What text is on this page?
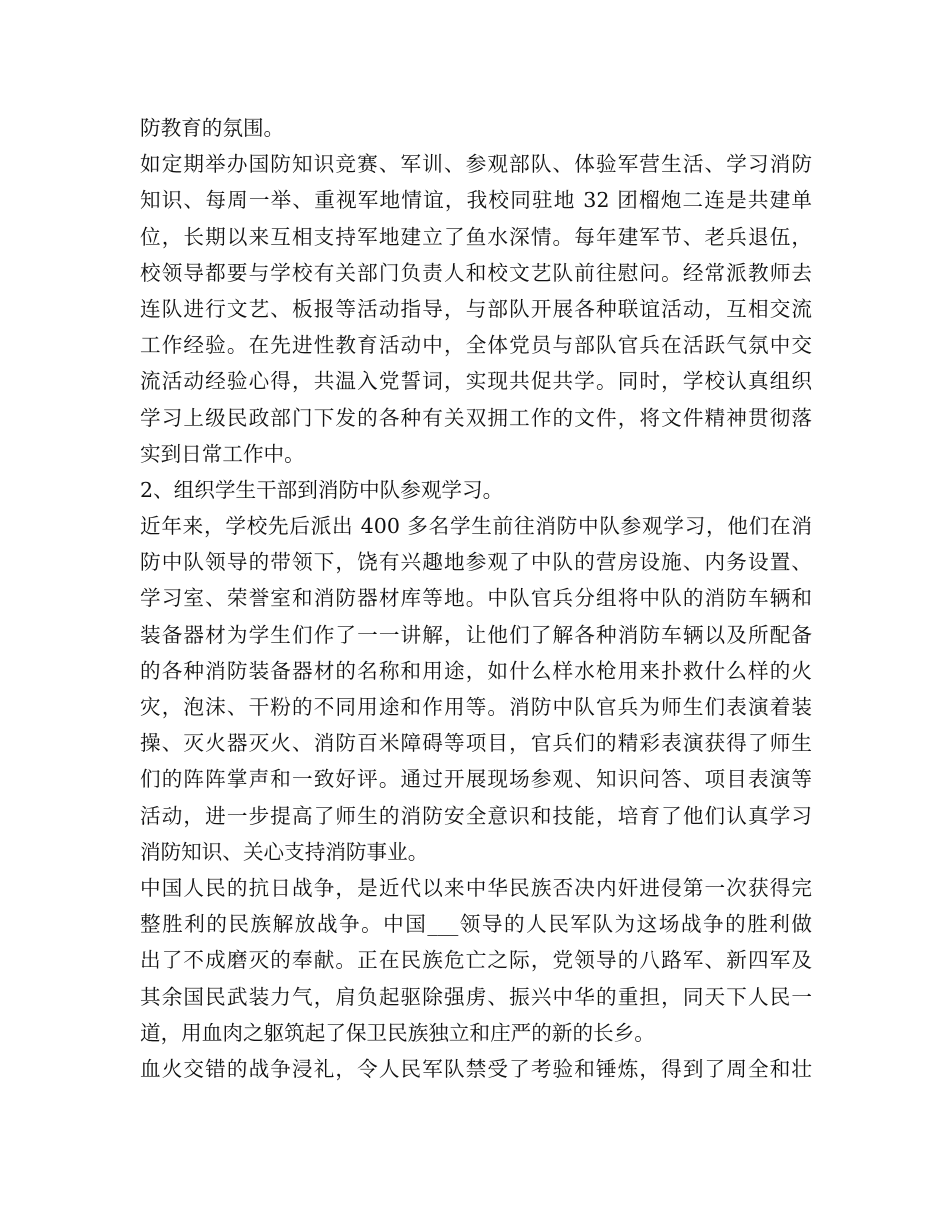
防教育的氛围。
如定期举办国防知识竞赛、军训、参观部队、体验军营生活、学习消防
知识、每周一举、重视军地情谊，我校同驻地 32 团榴炮二连是共建单
位，长期以来互相支持军地建立了鱼水深情。每年建军节、老兵退伍，
校领导都要与学校有关部门负责人和校文艺队前往慰问。经常派教师去
连队进行文艺、板报等活动指导，与部队开展各种联谊活动，互相交流
工作经验。在先进性教育活动中，全体党员与部队官兵在活跃气氛中交
流活动经验心得，共温入党誓词，实现共促共学。同时，学校认真组织
学习上级民政部门下发的各种有关双拥工作的文件，将文件精神贯彻落
实到日常工作中。
2、组织学生干部到消防中队参观学习。
近年来，学校先后派出 400 多名学生前往消防中队参观学习，他们在消
防中队领导的带领下，饶有兴趣地参观了中队的营房设施、内务设置、
学习室、荣誉室和消防器材库等地。中队官兵分组将中队的消防车辆和
装备器材为学生们作了一一讲解，让他们了解各种消防车辆以及所配备
的各种消防装备器材的名称和用途，如什么样水枪用来扑救什么样的火
灾，泡沫、干粉的不同用途和作用等。消防中队官兵为师生们表演着装
操、灭火器灭火、消防百米障碍等项目，官兵们的精彩表演获得了师生
们的阵阵掌声和一致好评。通过开展现场参观、知识问答、项目表演等
活动，进一步提高了师生的消防安全意识和技能，培育了他们认真学习
消防知识、关心支持消防事业。
中国人民的抗日战争，是近代以来中华民族否决内奸进侵第一次获得完
整胜利的民族解放战争。中国___领导的人民军队为这场战争的胜利做
出了不成磨灭的奉献。正在民族危亡之际，党领导的八路军、新四军及
其余国民武装力气，肩负起驱除强虏、振兴中华的重担，同天下人民一
道，用血肉之躯筑起了保卫民族独立和庄严的新的长乡。
血火交错的战争浸礼，令人民军队禁受了考验和锤炼，得到了周全和壮
